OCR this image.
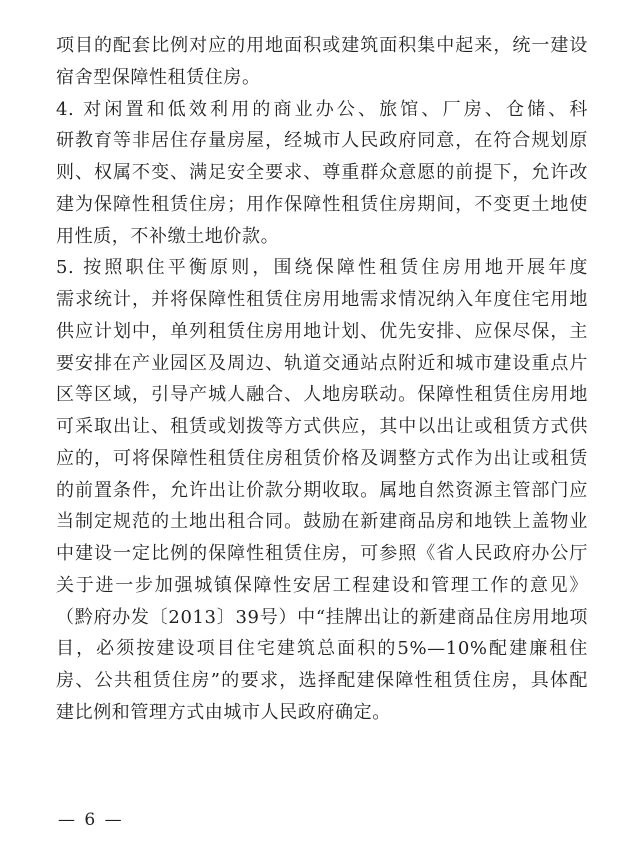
项目的配套比例对应的用地面积或建筑面积集中起来，统一建设
宿舍型保障性租赁住房。
4. 对闲置和低效利用的商业办公、旅馆、厂房、仓储、科
研教育等非居住存量房屋，经城市人民政府同意，在符合规划原
则、权属不变、满足安全要求、尊重群众意愿的前提下，允许改
建为保障性租赁住房；用作保障性租赁住房期间，不变更土地使
用性质，不补缴土地价款。
5. 按照职住平衡原则，围绕保障性租赁住房用地开展年度
需求统计，并将保障性租赁住房用地需求情况纳入年度住宅用地
供应计划中，单列租赁住房用地计划、优先安排、应保尽保，主
要安排在产业园区及周边、轨道交通站点附近和城市建设重点片
区等区域，引导产城人融合、人地房联动。保障性租赁住房用地
可采取出让、租赁或划拨等方式供应，其中以出让或租赁方式供
应的，可将保障性租赁住房租赁价格及调整方式作为出让或租赁
的前置条件，允许出让价款分期收取。属地自然资源主管部门应
当制定规范的土地出租合同。鼓励在新建商品房和地铁上盖物业
中建设一定比例的保障性租赁住房，可参照《省人民政府办公厅
关于进一步加强城镇保障性安居工程建设和管理工作的意见》
（黔府办发〔2013〕39号）中“挂牌出让的新建商品住房用地项
目，必须按建设项目住宅建筑总面积的5%—10%配建廉租住
房、公共租赁住房”的要求，选择配建保障性租赁住房，具体配
建比例和管理方式由城市人民政府确定。
— 6 —
